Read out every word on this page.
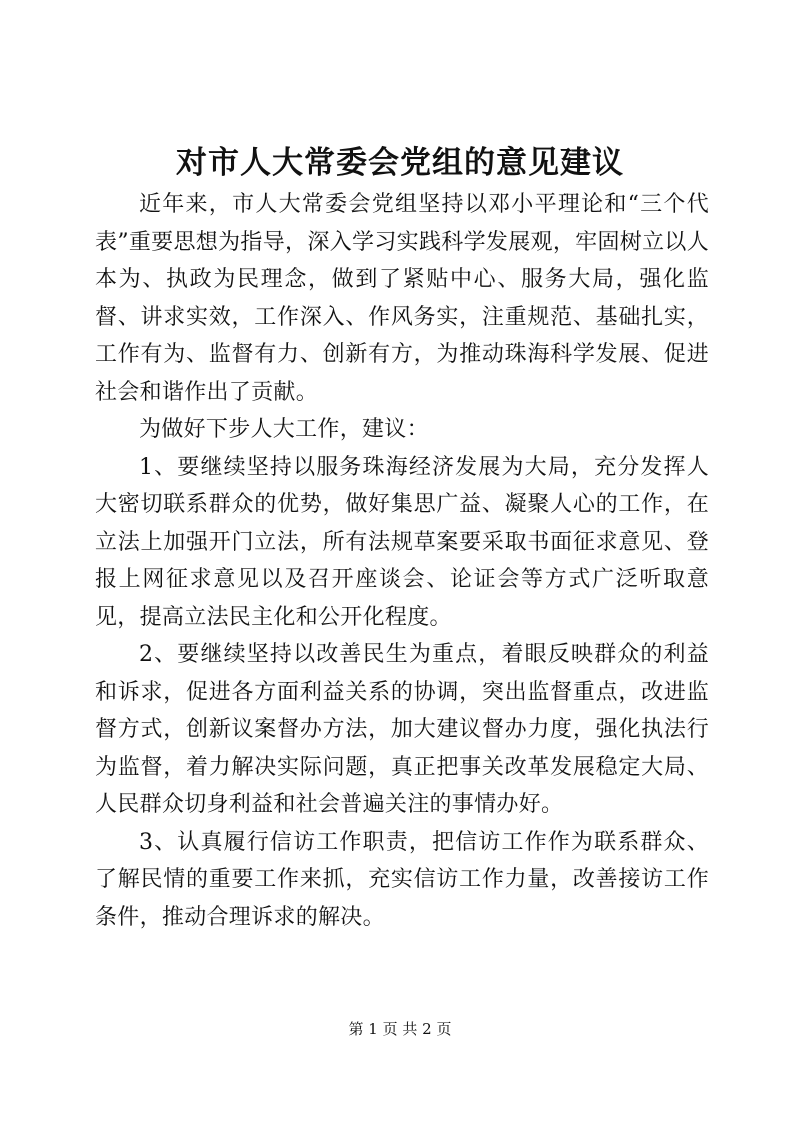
对市人大常委会党组的意见建议

近年来，市人大常委会党组坚持以邓小平理论和“三个代表”重要思想为指导，深入学习实践科学发展观，牢固树立以人本为、执政为民理念，做到了紧贴中心、服务大局，强化监督、讲求实效，工作深入、作风务实，注重规范、基础扎实，工作有为、监督有力、创新有方，为推动珠海科学发展、促进社会和谐作出了贡献。

为做好下步人大工作，建议：

1、要继续坚持以服务珠海经济发展为大局，充分发挥人大密切联系群众的优势，做好集思广益、凝聚人心的工作，在立法上加强开门立法，所有法规草案要采取书面征求意见、登报上网征求意见以及召开座谈会、论证会等方式广泛听取意见，提高立法民主化和公开化程度。

2、要继续坚持以改善民生为重点，着眼反映群众的利益和诉求，促进各方面利益关系的协调，突出监督重点，改进监督方式，创新议案督办方法，加大建议督办力度，强化执法行为监督，着力解决实际问题，真正把事关改革发展稳定大局、人民群众切身利益和社会普遍关注的事情办好。

3、认真履行信访工作职责，把信访工作作为联系群众、了解民情的重要工作来抓，充实信访工作力量，改善接访工作条件，推动合理诉求的解决。

第 1 页 共 2 页
